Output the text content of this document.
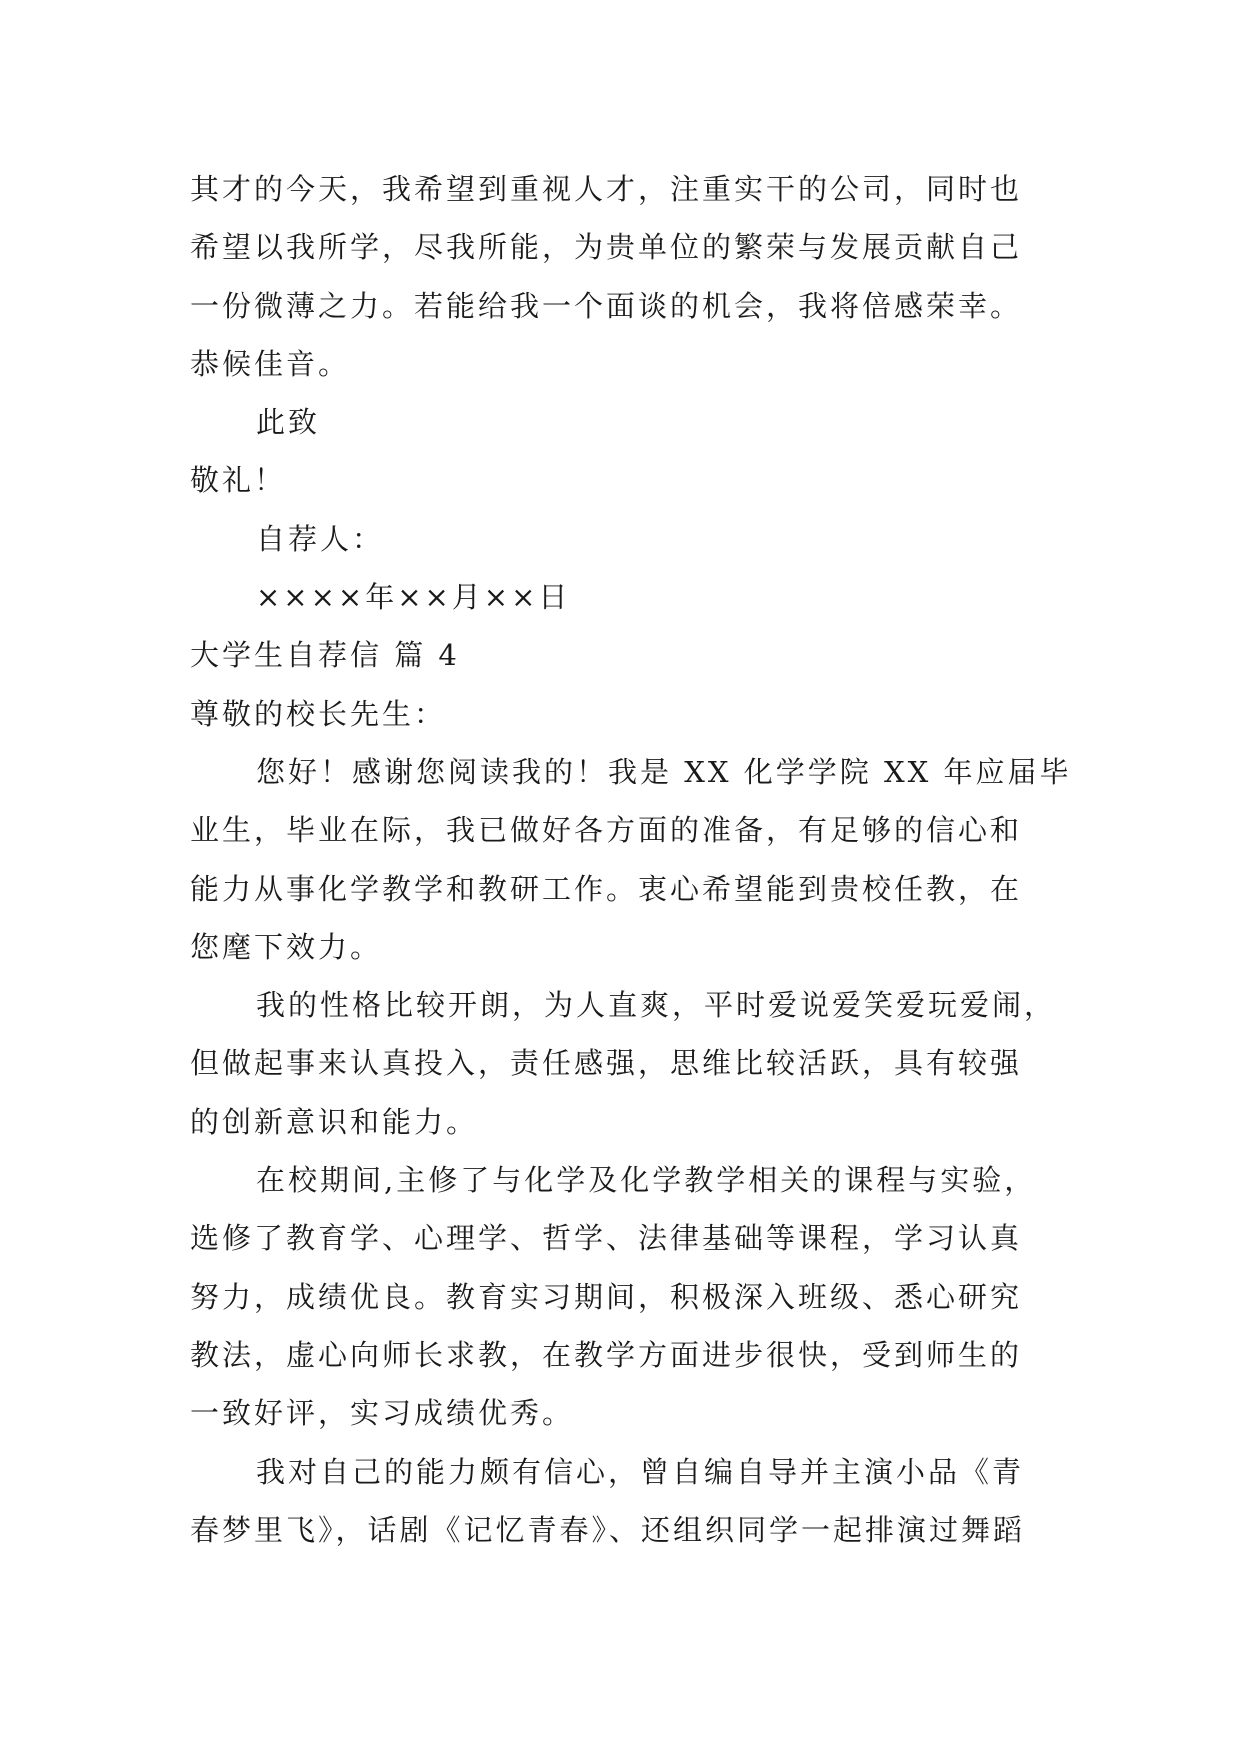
其才的今天，我希望到重视人才，注重实干的公司，同时也
希望以我所学，尽我所能，为贵单位的繁荣与发展贡献自己
一份微薄之力。若能给我一个面谈的机会，我将倍感荣幸。
恭候佳音。
此致
敬礼！
自荐人：
××××年××月××日
大学生自荐信 篇 4
尊敬的校长先生：
您好！感谢您阅读我的！我是 XX 化学学院 XX 年应届毕
业生，毕业在际，我已做好各方面的准备，有足够的信心和
能力从事化学教学和教研工作。衷心希望能到贵校任教，在
您麾下效力。
我的性格比较开朗，为人直爽，平时爱说爱笑爱玩爱闹，
但做起事来认真投入，责任感强，思维比较活跃，具有较强
的创新意识和能力。
在校期间,主修了与化学及化学教学相关的课程与实验，
选修了教育学、心理学、哲学、法律基础等课程，学习认真
努力，成绩优良。教育实习期间，积极深入班级、悉心研究
教法，虚心向师长求教，在教学方面进步很快，受到师生的
一致好评，实习成绩优秀。
我对自己的能力颇有信心，曾自编自导并主演小品《青
春梦里飞》，话剧《记忆青春》、还组织同学一起排演过舞蹈
